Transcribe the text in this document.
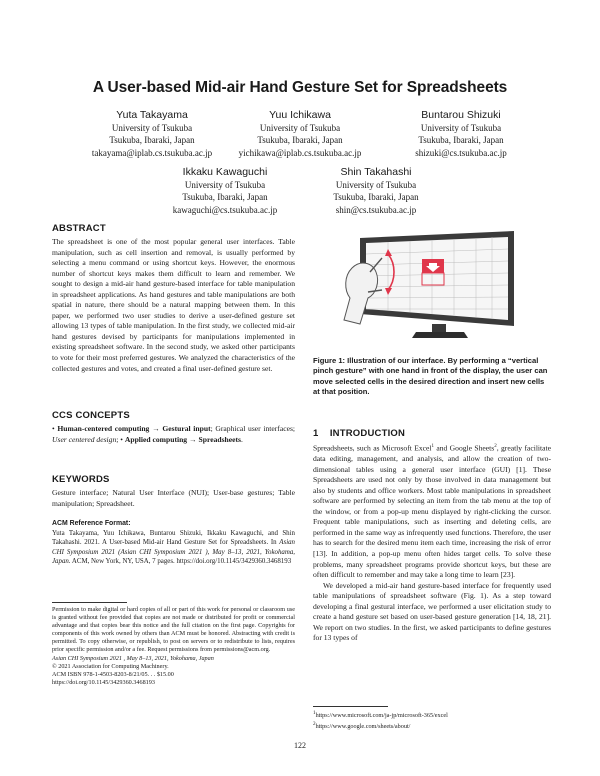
A User-based Mid-air Hand Gesture Set for Spreadsheets
Yuta Takayama
University of Tsukuba
Tsukuba, Ibaraki, Japan
takayama@iplab.cs.tsukuba.ac.jp
Yuu Ichikawa
University of Tsukuba
Tsukuba, Ibaraki, Japan
yichikawa@iplab.cs.tsukuba.ac.jp
Buntarou Shizuki
University of Tsukuba
Tsukuba, Ibaraki, Japan
shizuki@cs.tsukuba.ac.jp
Ikkaku Kawaguchi
University of Tsukuba
Tsukuba, Ibaraki, Japan
kawaguchi@cs.tsukuba.ac.jp
Shin Takahashi
University of Tsukuba
Tsukuba, Ibaraki, Japan
shin@cs.tsukuba.ac.jp
ABSTRACT
The spreadsheet is one of the most popular general user interfaces. Table manipulation, such as cell insertion and removal, is usually performed by selecting a menu command or using shortcut keys. However, the enormous number of shortcut keys makes them difficult to learn and remember. We sought to design a mid-air hand gesture-based interface for table manipulation in spreadsheet applications. As hand gestures and table manipulations are both spatial in nature, there should be a natural mapping between them. In this paper, we performed two user studies to derive a user-defined gesture set allowing 13 types of table manipulation. In the first study, we collected mid-air hand gestures devised by participants for manipulations implemented in existing spreadsheet software. In the second study, we asked other participants to vote for their most preferred gestures. We analyzed the characteristics of the collected gestures and votes, and created a final user-defined gesture set.
CCS CONCEPTS
• Human-centered computing → Gestural input; Graphical user interfaces; User centered design; • Applied computing → Spreadsheets.
KEYWORDS
Gesture interface; Natural User Interface (NUI); User-base gestures; Table manipulation; Spreadsheet.
ACM Reference Format:
Yuta Takayama, Yuu Ichikawa, Buntarou Shizuki, Ikkaku Kawaguchi, and Shin Takahashi. 2021. A User-based Mid-air Hand Gesture Set for Spreadsheets. In Asian CHI Symposium 2021 (Asian CHI Symposium 2021 ), May 8–13, 2021, Yokohama, Japan. ACM, New York, NY, USA, 7 pages. https://doi.org/10.1145/3429360.3468193
Permission to make digital or hard copies of all or part of this work for personal or classroom use is granted without fee provided that copies are not made or distributed for profit or commercial advantage and that copies bear this notice and the full citation on the first page. Copyrights for components of this work owned by others than ACM must be honored. Abstracting with credit is permitted. To copy otherwise, or republish, to post on servers or to redistribute to lists, requires prior specific permission and/or a fee. Request permissions from permissions@acm.org.
Asian CHI Symposium 2021 , May 8–13, 2021, Yokohama, Japan
© 2021 Association for Computing Machinery.
ACM ISBN 978-1-4503-8203-8/21/05. . . $15.00
https://doi.org/10.1145/3429360.3468193
Figure 1: Illustration of our interface. By performing a “vertical pinch gesture” with one hand in front of the display, the user can move selected cells in the desired direction and insert new cells at that position.
1 INTRODUCTION

Spreadsheets, such as Microsoft Excel$^1$ and Google Sheets$^2$, greatly facilitate data editing, management, and analysis, and allow the creation of two-dimensional tables using a general user interface (GUI) [1]. These Spreadsheets are used not only by those involved in data management but also by students and office workers. Most table manipulations in spreadsheet software are performed by selecting an item from the tab menu at the top of the window, or from a pop-up menu displayed by right-clicking the cursor. Frequent table manipulations, such as inserting and deleting cells, are performed in the same way as infrequently used functions. Therefore, the user has to search for the desired menu item each time, increasing the risk of error [13]. In addition, a pop-up menu often hides target cells. To solve these problems, many spreadsheet programs provide shortcut keys, but these are often difficult to remember and may take a long time to learn [23].

We developed a mid-air hand gesture-based interface for frequently used table manipulations of spreadsheet software (Fig. 1). As a step toward developing a final gestural interface, we performed a user elicitation study to create a hand gesture set based on user-based gesture generation [14, 18, 21]. We report on two studies. In the first, we asked participants to define gestures for 13 types of

$^1$https://www.microsoft.com/ja-jp/microsoft-365/excel
$^2$https://www.google.com/sheets/about/
122
